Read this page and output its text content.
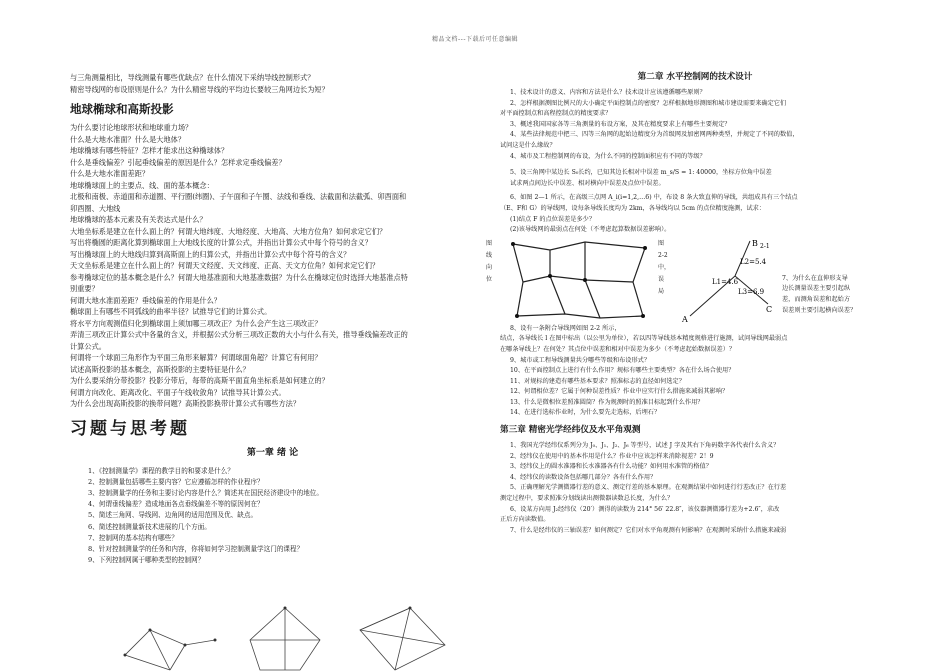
精品文档---下载后可任意编辑
与三角测量相比，导线测量有哪些优缺点？在什么情况下采纳导线控制形式？
精密导线网的布设原则是什么？为什么精密导线的平均边长要较三角网边长为短？
地球椭球和高斯投影
为什么要讨论地球形状和地球重力场？
什么是大地水准面？什么是大地体？
地球椭球有哪些特征？怎样才能求出这种椭球体？
什么是垂线偏差？引起垂线偏差的原因是什么？怎样求定垂线偏差？
什么是大地水准面差距？
地球椭球面上的主要点、线、面的基本概念：
北极和南极、赤道面和赤道圈、平行圈(纬圈)、子午面和子午圈、法线和垂线、法截面和法截弧、卯酉面和
卯酉圈、大地线
地球椭球的基本元素及有关表达式是什么？
大地坐标系是建立在什么面上的？何谓大地纬度、大地经度、大地高、大地方位角？如何求定它们？
写出将椭圆的距离化算到椭球面上大地线长度的计算公式，并指出计算公式中每个符号的含义？
写出椭球面上的大地线归算到高斯面上的归算公式，并指出计算公式中每个符号的含义？
天文坐标系是建立在什么面上的？何谓天文经度、天文纬度、正高、天文方位角？如何求定它们？
参考椭球定位的基本概念是什么？何谓大地基准面和大地基准数据？为什么在椭球定位时选择大地基准点特
别重要？
何谓大地水准面差距？垂线偏差的作用是什么？
椭球面上有哪些不同弧线的曲率半径？试推导它们的计算公式。
将水平方向观测值归化到椭球面上须加哪三项改正？为什么会产生这三项改正？
弄清三项改正计算公式中各量的含义，并根据公式分析三项改正数的大小与什么有关，推导垂线偏差改正的
计算公式。
何谓将一个球面三角形作为平面三角形来解算？何谓球面角超？计算它有何用？
试述高斯投影的基本概念，高斯投影的主要特征是什么？
为什么要采纳分带投影？投影分带后，每带的高斯平面直角坐标系是如何建立的？
何谓方向改化、距离改化、平面子午线收敛角？试推导其计算公式。
为什么会出现高斯投影的换带问题？高斯投影换带计算公式有哪些方法？
习题与思考题
第一章 绪 论
1、《控制测量学》课程的教学目的和要求是什么？
2、控制测量包括哪些主要内容？它应遵循怎样的作业程序？
3、控制测量学的任务和主要讨论内容是什么？简述其在国民经济建设中的地位。
4、何谓垂线偏差？造成地面各点垂线偏差不等的原因何在？
5、简述三角网、导线网、边角网的适用范围及优、缺点。
6、简述控制测量新技术进展的几个方面。
7、控制网的基本结构有哪些？
8、针对控制测量学的任务和内容，你将如何学习控制测量学这门的课程？
9、下列控制网属于哪种类型的控制网？
第二章 水平控制网的技术设计
1、技术设计的意义、内容和方法是什么？技术设计应该遵循哪些原则？
2、怎样根据测图比例尺的大小确定平面控制点的密度？怎样根据地形测图和城市建设需要来确定它们
对平面控制点和高程控制点的精度要求？
3、概述我国国家各等三角测量的布设方案，及其在精度要求上有哪些主要规定？
4、某些法律规范中把三、四等三角网的起始边精度分为首级网及加密网两种类型，并规定了不同的数值，
试问这是什么缘故？
4、城市及工程控制网的布设，为什么不同的控制面积应有不同的等级？
5、设三角网中某边长 S₀长约，已知其边长相对中误差 m_s/S = 1: 40000，坐标方位角中误差
试求两点间边长中误差、相对横向中误差及点位中误差。
6、如图 2—1 所示，在高级三点网 A_i(i=1,2,…6) 中，布设 8 条大致直伸的导线，共组成具有三个结点
（E、F和 G）的导线网，设每条导线长度均为 2km，各导线均以 5cm 的点位精度施测，试求：
(1)结点 F 的点位误差是多少？
(2)该导线网的最弱点在何处（不考虑起算数据误差影响）。
图
线
向
位
图
2-2
中，
误
局
A
B
C
L1=4.6
L2=5.4
L3=6.9
2-1
7、为什么在直伸形支导
边长测量误差主要引起纵
差，而测角误差和起始方
误差则主要引起横向误差？
8、设有一条附合导线网如图 2-2 所示，
结点，各导线长 l 在图中标出（以公里为单位），若以四等导线基本精度规格进行施测，试问导线网最弱点
在哪条导线上？在何处？其点位中误差和相对中误差为多少（不考虑起始数据误差）？
9、城市或工程导线测量共分哪些等级和布设形式？
10、在平面控制点上进行有什么作用？规标有哪些主要类型？各在什么场合使用？
11、对规标的建造有哪些基本要求？照准标志的直径如何选定？
12、何谓相位差？它属于何种误差性质？作业中应实行什么措施来减弱其影响？
13、什么是微相位差照准圆筒？作为规测时的照准目标起到什么作用？
14、在进行选标作业时，为什么要先走选标，后埋石？
第三章 精密光学经纬仪及水平角观测
1、我国光学经纬仪系列分为 J₀、J₁、J₂、J₆ 等型号，试述 J 字及其右下角码数字各代表什么含义？
2、经纬仪在使用中的基本作用是什么？作业中应该怎样来消除视差？2！9
3、经纬仪上的圆水准器和长水准器各有什么功能？如何用水准管的格值？
4、经纬仪的读数设备包括哪几部分？各有什么作用？
5、正确理解光学测微器行差的意义、测定行差的基本原理。在观测结果中如何进行行差改正？在行差
测定过程中，要求照准分划线读出测微器读数总长度，为什么？
6、设某方向用 J₂经纬仪（20′）测得的读数为 214° 56′ 22.8″，该仪器测微器行差为+2.6″，求改
正后方向读数值。
7、什么是经纬仪的三轴误差？如何测定？它们对水平角观测有何影响？在观测时采纳什么措施来减弱
